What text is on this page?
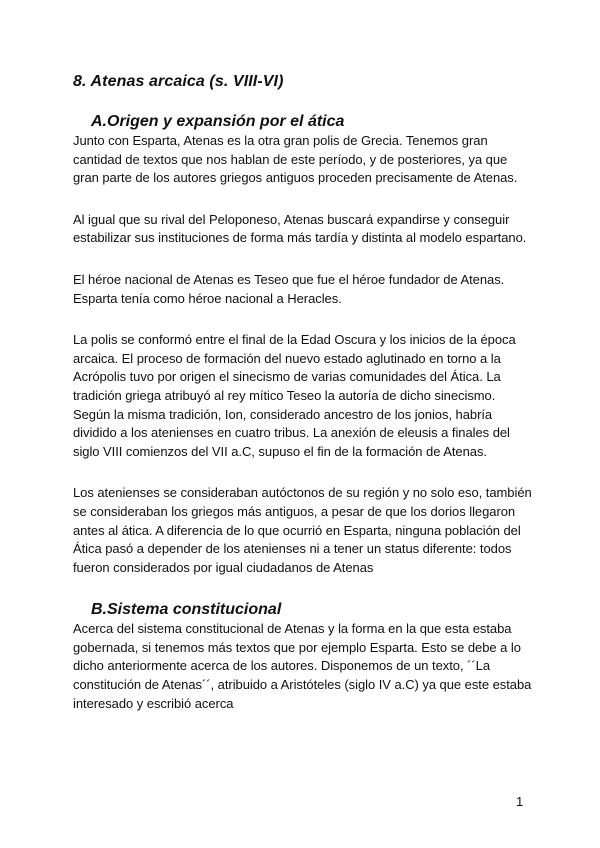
8. Atenas arcaica (s. VIII-VI)
A.Origen y expansión por el ática

Junto con Esparta, Atenas es la otra gran polis de Grecia. Tenemos gran cantidad de textos que nos hablan de este período, y de posteriores, ya que gran parte de los autores griegos antiguos proceden precisamente de Atenas.

Al igual que su rival del Peloponeso, Atenas buscará expandirse y conseguir estabilizar sus instituciones de forma más tardía y distinta al modelo espartano.

El héroe nacional de Atenas es Teseo que fue el héroe fundador de Atenas. Esparta tenía como héroe nacional a Heracles.

La polis se conformó entre el final de la Edad Oscura y los inicios de la época arcaica. El proceso de formación del nuevo estado aglutinado en torno a la Acrópolis tuvo por origen el sinecismo de varias comunidades del Ática. La tradición griega atribuyó al rey mítico Teseo la autoría de dicho sinecismo. Según la misma tradición, Ion, considerado ancestro de los jonios, habría dividido a los atenienses en cuatro tribus. La anexión de eleusis a finales del siglo VIII comienzos del VII a.C, supuso el fin de la formación de Atenas.

Los atenienses se consideraban autóctonos de su región y no solo eso, también se consideraban los griegos más antiguos, a pesar de que los dorios llegaron antes al ática. A diferencia de lo que ocurrió en Esparta, ninguna población del Ática pasó a depender de los atenienses ni a tener un status diferente: todos fueron considerados por igual ciudadanos de Atenas

B.Sistema constitucional

Acerca del sistema constitucional de Atenas y la forma en la que esta estaba gobernada, si tenemos más textos que por ejemplo Esparta. Esto se debe a lo dicho anteriormente acerca de los autores. Disponemos de un texto, ´´La constitución de Atenas´´, atribuido a Aristóteles (siglo IV a.C) ya que este estaba interesado y escribió acerca

1
